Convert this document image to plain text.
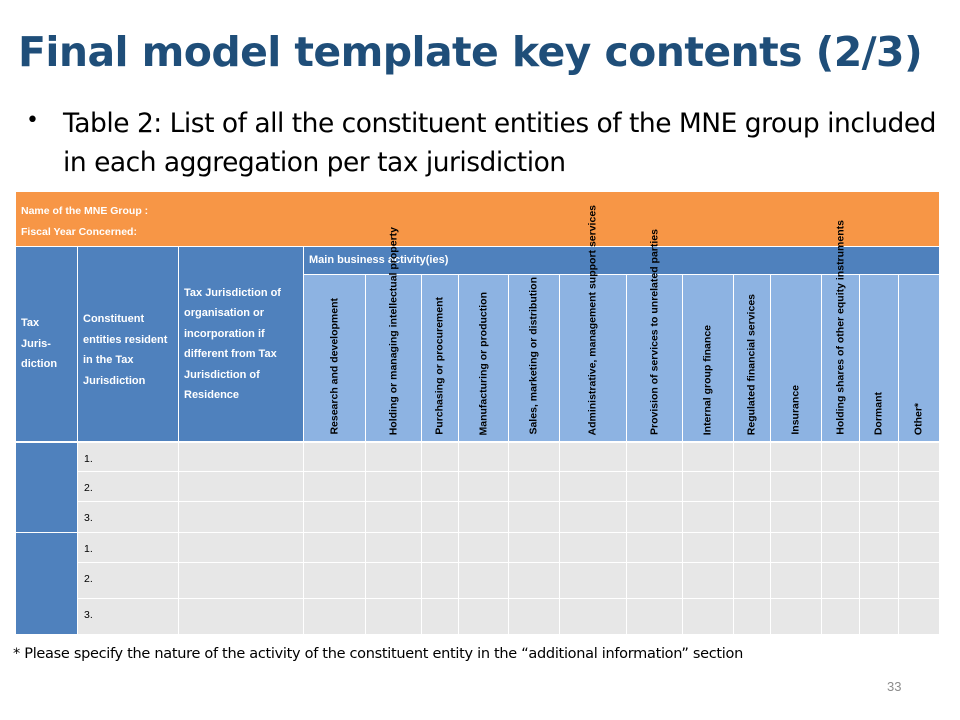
Final model template key contents (2/3)
• Table 2: List of all the constituent entities of the MNE group included in each aggregation per tax jurisdiction
Name of the MNE Group :
Fiscal Year Concerned:															

Tax Juris-diction	Constituent entities resident in the Tax Jurisdiction	Tax Jurisdiction of organisation or incorporation if different from Tax Jurisdiction of Residence	Main business activity(ies)												

			Research and development	Holding or managing intellectual property	Purchasing or procurement	Manufacturing or production	Sales, marketing or distribution	Administrative, management support services	Provision of services to unrelated parties	Internal group finance	Regulated financial services	Insurance	Holding shares of other equity instruments	Dormant	Other*
	1.														
	2.														
	3.														
	1.														
	2.														
	3.														
* Please specify the nature of the activity of the constituent entity in the “additional information” section
33
